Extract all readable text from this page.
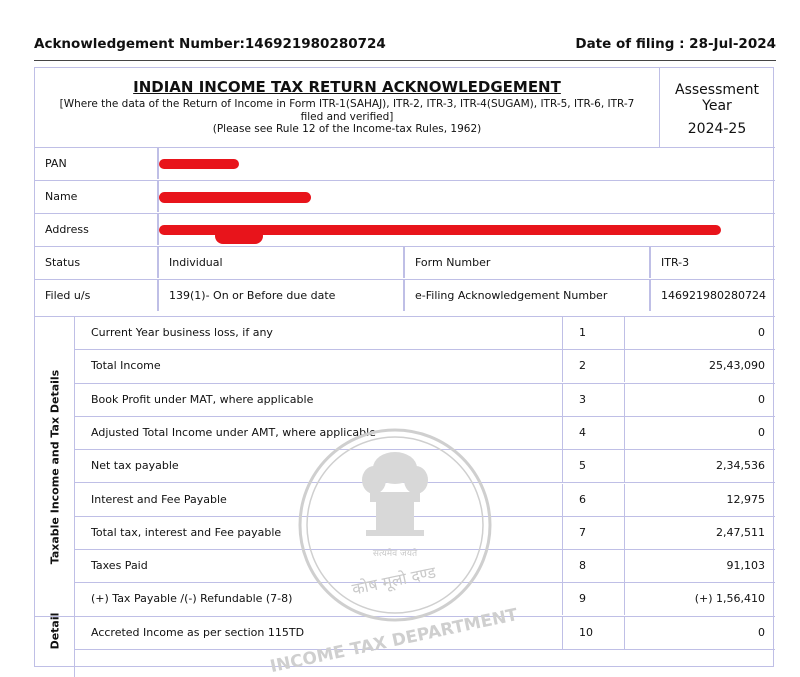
Acknowledgement Number:146921980280724	Date of filing : 28-Jul-2024
INDIAN INCOME TAX RETURN ACKNOWLEDGEMENT
[Where the data of the Return of Income in Form ITR-1(SAHAJ), ITR-2, ITR-3, ITR-4(SUGAM), ITR-5, ITR-6, ITR-7
filed and verified]
(Please see Rule 12 of the Income-tax Rules, 1962)
Assessment
Year
2024-25
PAN
Name
Address
Status	Individual	Form Number	ITR-3
Filed u/s	139(1)- On or Before due date	e-Filing Acknowledgement Number	146921980280724
Taxable Income and Tax Details
Current Year business loss, if any	1	0
Total Income	2	25,43,090
Book Profit under MAT, where applicable	3	0
Adjusted Total Income under AMT, where applicable	4	0
Net tax payable	5	2,34,536
Interest and Fee Payable	6	12,975
Total tax, interest and Fee payable	7	2,47,511
Taxes Paid	8	91,103
(+) Tax Payable /(-) Refundable (7-8)	9	(+) 1,56,410
Detail	Accreted Income as per section 115TD	10	0
सत्यमेव जयते
कोष मूलो दण्ड
INCOME TAX DEPARTMENT
